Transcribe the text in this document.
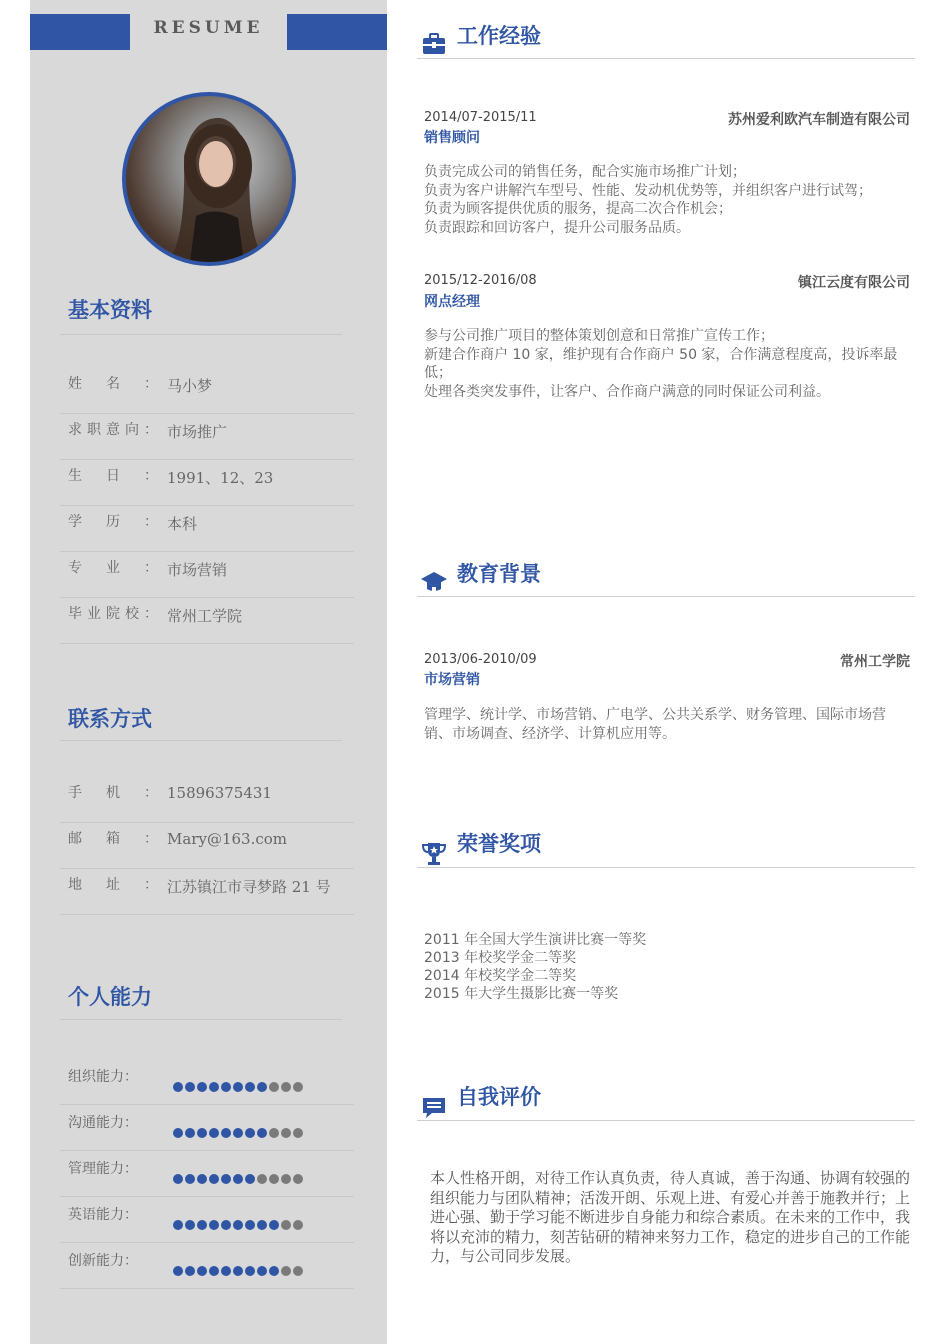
RESUME
基本资料
姓名： 马小梦
求职意向： 市场推广
生日： 1991、12、23
学历： 本科
专业： 市场营销
毕业院校： 常州工学院
联系方式
手机： 15896375431
邮箱： Mary@163.com
地址： 江苏镇江市寻梦路 21 号
个人能力
组织能力：
沟通能力：
管理能力：
英语能力：
创新能力：
工作经验
2014/07-2015/11	苏州爱利欧汽车制造有限公司
销售顾问
负责完成公司的销售任务，配合实施市场推广计划；
负责为客户讲解汽车型号、性能、发动机优势等，并组织客户进行试驾；
负责为顾客提供优质的服务，提高二次合作机会；
负责跟踪和回访客户，提升公司服务品质。
2015/12-2016/08	镇江云度有限公司
网点经理
参与公司推广项目的整体策划创意和日常推广宣传工作；
新建合作商户 10 家，维护现有合作商户 50 家，合作满意程度高，投诉率最低；
处理各类突发事件，让客户、合作商户满意的同时保证公司利益。
教育背景
2013/06-2010/09	常州工学院
市场营销
管理学、统计学、市场营销、广电学、公共关系学、财务管理、国际市场营销、市场调查、经济学、计算机应用等。
荣誉奖项
2011 年全国大学生演讲比赛一等奖
2013 年校奖学金二等奖
2014 年校奖学金二等奖
2015 年大学生摄影比赛一等奖
自我评价
本人性格开朗，对待工作认真负责，待人真诚，善于沟通、协调有较强的组织能力与团队精神；活泼开朗、乐观上进、有爱心并善于施教并行；上进心强、勤于学习能不断进步自身能力和综合素质。在未来的工作中，我将以充沛的精力，刻苦钻研的精神来努力工作，稳定的进步自己的工作能力，与公司同步发展。
